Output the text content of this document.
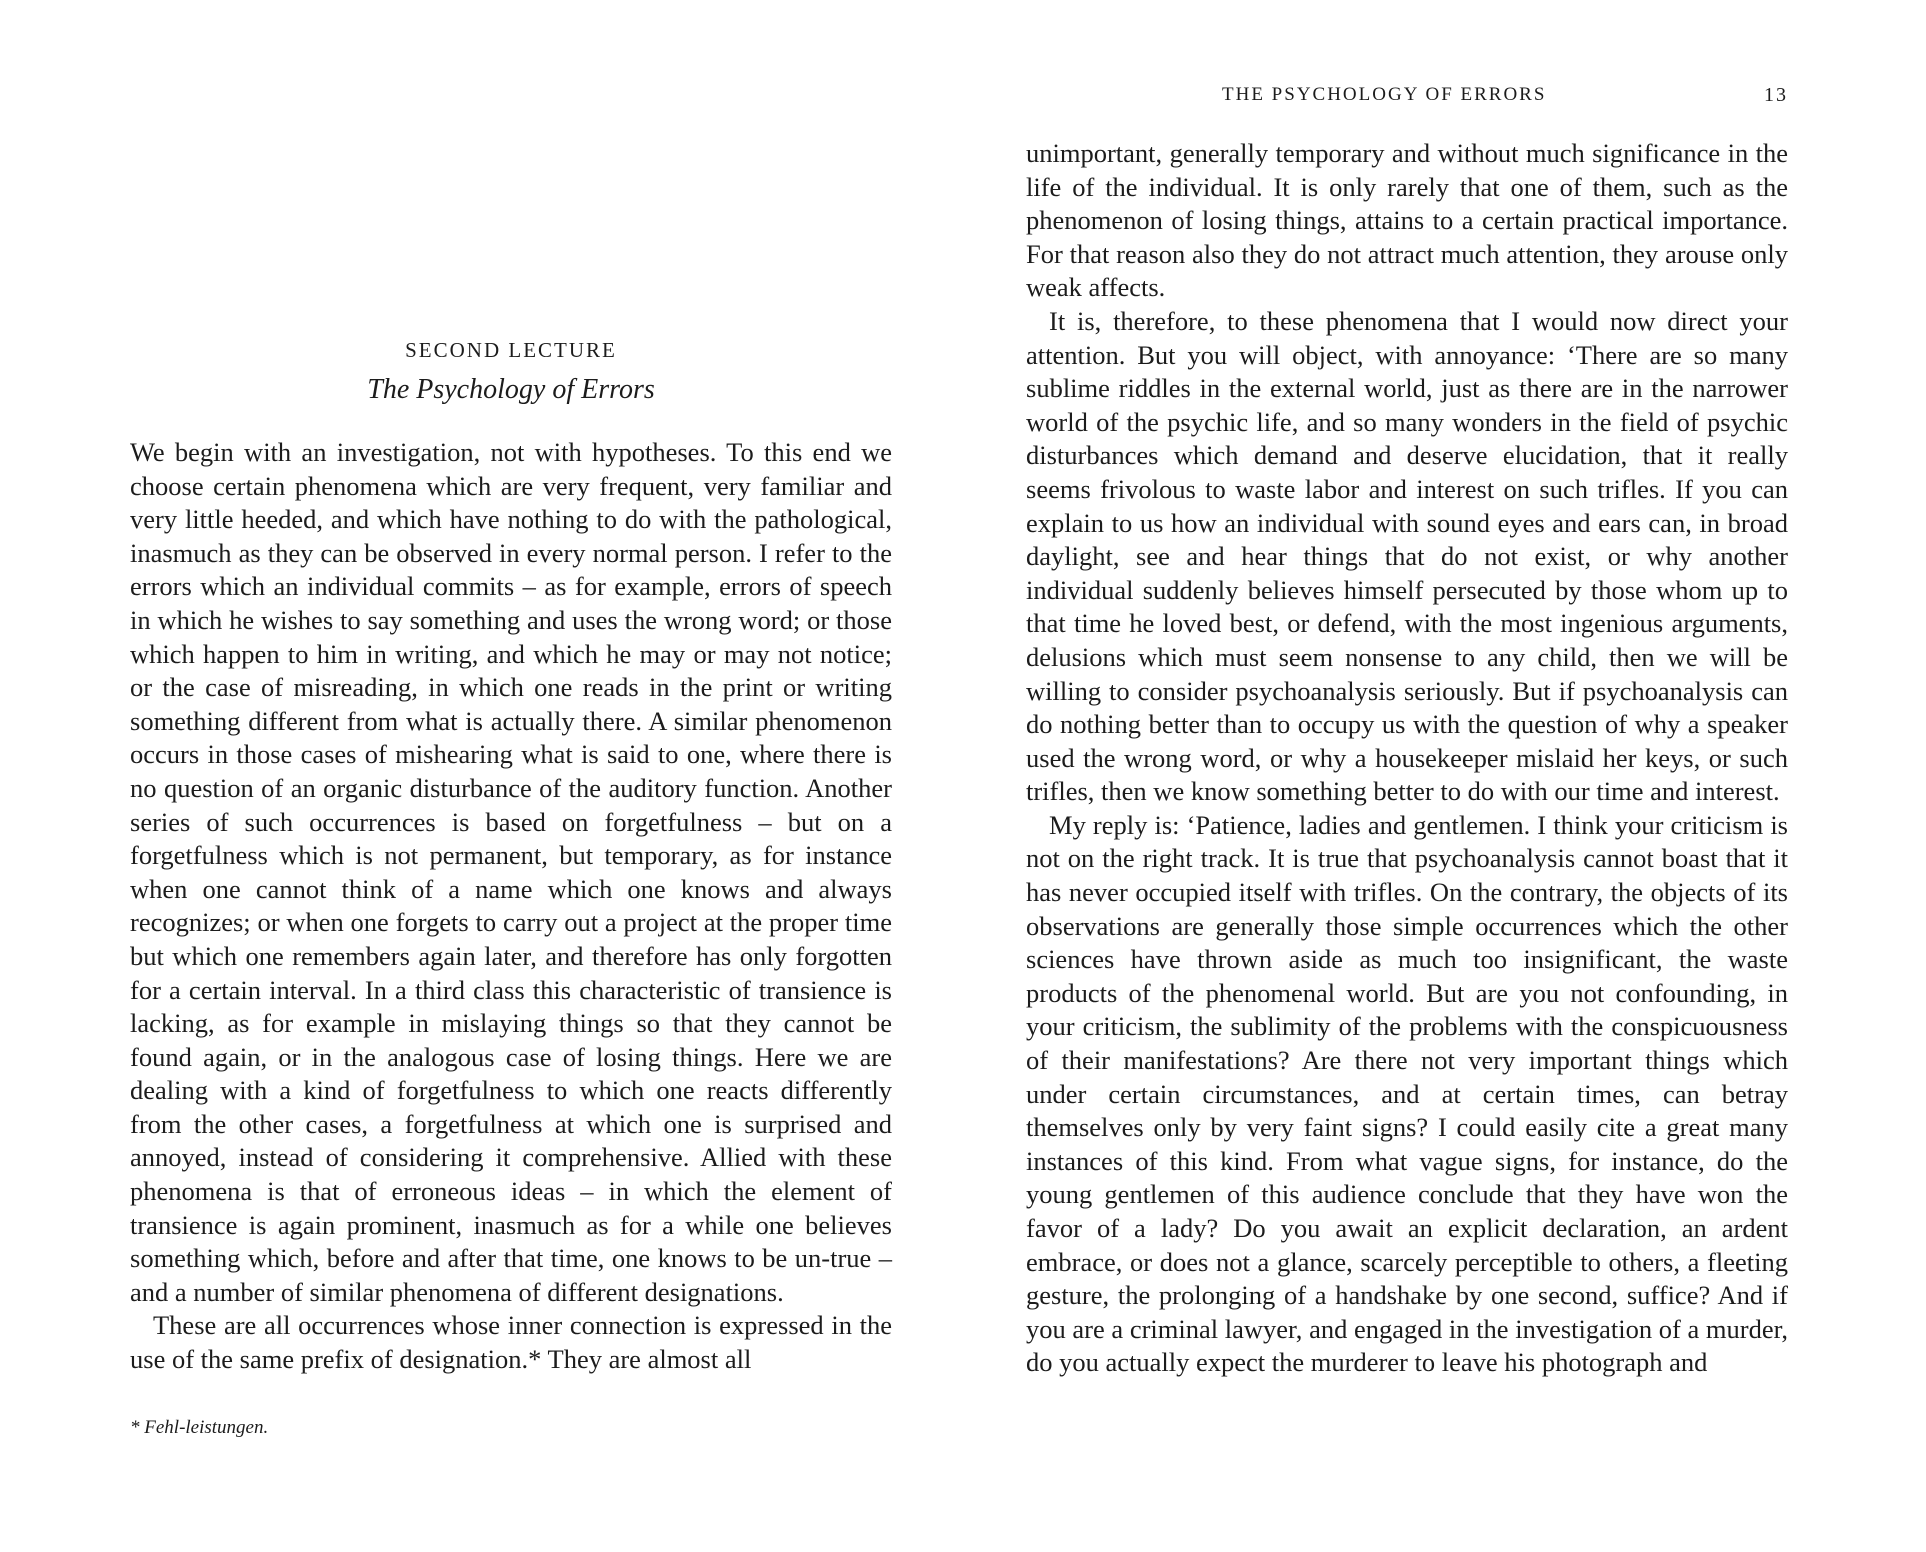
SECOND LECTURE
The Psychology of Errors

We begin with an investigation, not with hypotheses. To this end we choose certain phenomena which are very frequent, very familiar and very little heeded, and which have nothing to do with the pathological, inasmuch as they can be observed in every normal person. I refer to the errors which an individual commits – as for example, errors of speech in which he wishes to say something and uses the wrong word; or those which happen to him in writing, and which he may or may not notice; or the case of misreading, in which one reads in the print or writing something different from what is actually there. A similar phenomenon occurs in those cases of mishearing what is said to one, where there is no question of an organic disturbance of the auditory function. Another series of such occurrences is based on forgetfulness – but on a forgetfulness which is not permanent, but temporary, as for instance when one cannot think of a name which one knows and always recognizes; or when one forgets to carry out a project at the proper time but which one remembers again later, and therefore has only forgotten for a certain interval. In a third class this characteristic of transience is lacking, as for example in mislaying things so that they cannot be found again, or in the analogous case of losing things. Here we are dealing with a kind of forgetfulness to which one reacts differently from the other cases, a forgetfulness at which one is surprised and annoyed, instead of considering it comprehensive. Allied with these phenomena is that of erroneous ideas – in which the element of transience is again prominent, inasmuch as for a while one believes something which, before and after that time, one knows to be un-true – and a number of similar phenomena of different designations.

These are all occurrences whose inner connection is expressed in the use of the same prefix of designation.* They are almost all

* Fehl-leistungen.
THE PSYCHOLOGY OF ERRORS	13

unimportant, generally temporary and without much significance in the life of the individual. It is only rarely that one of them, such as the phenomenon of losing things, attains to a certain practical importance. For that reason also they do not attract much attention, they arouse only weak affects.

It is, therefore, to these phenomena that I would now direct your attention. But you will object, with annoyance: ‘There are so many sublime riddles in the external world, just as there are in the narrower world of the psychic life, and so many wonders in the field of psychic disturbances which demand and deserve elucidation, that it really seems frivolous to waste labor and interest on such trifles. If you can explain to us how an individual with sound eyes and ears can, in broad daylight, see and hear things that do not exist, or why another individual suddenly believes himself persecuted by those whom up to that time he loved best, or defend, with the most ingenious arguments, delusions which must seem nonsense to any child, then we will be willing to consider psychoanalysis seriously. But if psychoanalysis can do nothing better than to occupy us with the question of why a speaker used the wrong word, or why a housekeeper mislaid her keys, or such trifles, then we know something better to do with our time and interest.

My reply is: ‘Patience, ladies and gentlemen. I think your criticism is not on the right track. It is true that psychoanalysis cannot boast that it has never occupied itself with trifles. On the contrary, the objects of its observations are generally those simple occurrences which the other sciences have thrown aside as much too insignificant, the waste products of the phenomenal world. But are you not confounding, in your criticism, the sublimity of the problems with the conspicuousness of their manifestations? Are there not very important things which under certain circumstances, and at certain times, can betray themselves only by very faint signs? I could easily cite a great many instances of this kind. From what vague signs, for instance, do the young gentlemen of this audience conclude that they have won the favor of a lady? Do you await an explicit declaration, an ardent embrace, or does not a glance, scarcely perceptible to others, a fleeting gesture, the prolonging of a handshake by one second, suffice? And if you are a criminal lawyer, and engaged in the investigation of a murder, do you actually expect the murderer to leave his photograph and
